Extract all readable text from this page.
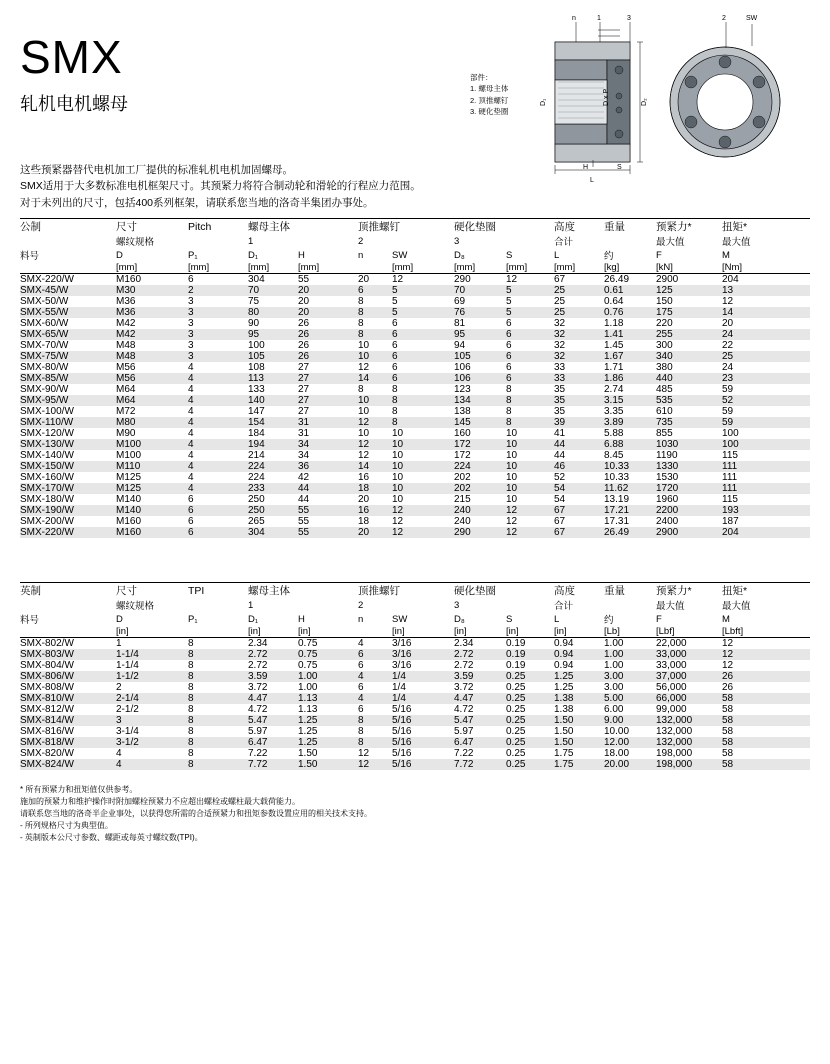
SMX
轧机电机螺母

这些预紧器替代电机加工厂提供的标准轧机电机加固螺母。

SMX适用于大多数标准电机框架尺寸。其预紧力将符合制动轮和滑轮的行程应力范围。

对于未列出的尺寸，包括400系列框架，请联系您当地的洛奇半集团办事处。

部件：
1. 螺母主体
2. 顶推螺钉
3. 硬化垫圈
n	1	3	2	SW
D₁	D₂
D x P
H	S
L
公制	尺寸	Pitch	螺母主体		顶推螺钉		硬化垫圈		高度	重量	预紧力*	扭矩*
	螺纹规格		1		2		3		合计		最大值	最大值
料号	D	P₁	D₁	H	n	SW	D₈	S	L	约	F	M
	[mm]	[mm]	[mm]	[mm]		[mm]	[mm]	[mm]	[mm]	[kg]	[kN]	[Nm]
SMX-220/W	M160	6	304	55	20	12	290	12	67	26.49	2900	204
SMX-45/W	M30	2	70	20	6	5	70	5	25	0.61	125	13
SMX-50/W	M36	3	75	20	8	5	69	5	25	0.64	150	12
SMX-55/W	M36	3	80	20	8	5	76	5	25	0.76	175	14
SMX-60/W	M42	3	90	26	8	6	81	6	32	1.18	220	20
SMX-65/W	M42	3	95	26	8	6	95	6	32	1.41	255	24
SMX-70/W	M48	3	100	26	10	6	94	6	32	1.45	300	22
SMX-75/W	M48	3	105	26	10	6	105	6	32	1.67	340	25
SMX-80/W	M56	4	108	27	12	6	106	6	33	1.71	380	24
SMX-85/W	M56	4	113	27	14	6	106	6	33	1.86	440	23
SMX-90/W	M64	4	133	27	8	8	123	8	35	2.74	485	59
SMX-95/W	M64	4	140	27	10	8	134	8	35	3.15	535	52
SMX-100/W	M72	4	147	27	10	8	138	8	35	3.35	610	59
SMX-110/W	M80	4	154	31	12	8	145	8	39	3.89	735	59
SMX-120/W	M90	4	184	31	10	10	160	10	41	5.88	855	100
SMX-130/W	M100	4	194	34	12	10	172	10	44	6.88	1030	100
SMX-140/W	M100	4	214	34	12	10	172	10	44	8.45	1190	115
SMX-150/W	M110	4	224	36	14	10	224	10	46	10.33	1330	111
SMX-160/W	M125	4	224	42	16	10	202	10	52	10.33	1530	111
SMX-170/W	M125	4	233	44	18	10	202	10	54	11.62	1720	111
SMX-180/W	M140	6	250	44	20	10	215	10	54	13.19	1960	115
SMX-190/W	M140	6	250	55	16	12	240	12	67	17.21	2200	193
SMX-200/W	M160	6	265	55	18	12	240	12	67	17.31	2400	187
SMX-220/W	M160	6	304	55	20	12	290	12	67	26.49	2900	204
英制	尺寸	TPI	螺母主体		顶推螺钉		硬化垫圈		高度	重量	预紧力*	扭矩*
	螺纹规格		1		2		3		合计		最大值	最大值
料号	D	P₁	D₁	H	n	SW	D₈	S	L	约	F	M
	[in]		[in]	[in]		[in]	[in]	[in]	[in]	[Lb]	[Lbf]	[Lbft]
SMX-802/W	1	8	2.34	0.75	4	3/16	2.34	0.19	0.94	1.00	22,000	12
SMX-803/W	1-1/4	8	2.72	0.75	6	3/16	2.72	0.19	0.94	1.00	33,000	12
SMX-804/W	1-1/4	8	2.72	0.75	6	3/16	2.72	0.19	0.94	1.00	33,000	12
SMX-806/W	1-1/2	8	3.59	1.00	4	1/4	3.59	0.25	1.25	3.00	37,000	26
SMX-808/W	2	8	3.72	1.00	6	1/4	3.72	0.25	1.25	3.00	56,000	26
SMX-810/W	2-1/4	8	4.47	1.13	4	1/4	4.47	0.25	1.38	5.00	66,000	58
SMX-812/W	2-1/2	8	4.72	1.13	6	5/16	4.72	0.25	1.38	6.00	99,000	58
SMX-814/W	3	8	5.47	1.25	8	5/16	5.47	0.25	1.50	9.00	132,000	58
SMX-816/W	3-1/4	8	5.97	1.25	8	5/16	5.97	0.25	1.50	10.00	132,000	58
SMX-818/W	3-1/2	8	6.47	1.25	8	5/16	6.47	0.25	1.50	12.00	132,000	58
SMX-820/W	4	8	7.22	1.50	12	5/16	7.22	0.25	1.75	18.00	198,000	58
SMX-824/W	4	8	7.72	1.50	12	5/16	7.72	0.25	1.75	20.00	198,000	58
* 所有预紧力和扭矩值仅供参考。
施加的预紧力和维护操作时附加螺栓预紧力不应超出螺栓或螺柱最大载荷能力。
请联系您当地的洛奇半企业事处，以获得您所需的合适预紧力和扭矩参数设置应用的相关技术支持。
- 所列规格尺寸为典型值。
- 英制版本公尺寸参数、螺距或每英寸螺纹数(TPI)。
